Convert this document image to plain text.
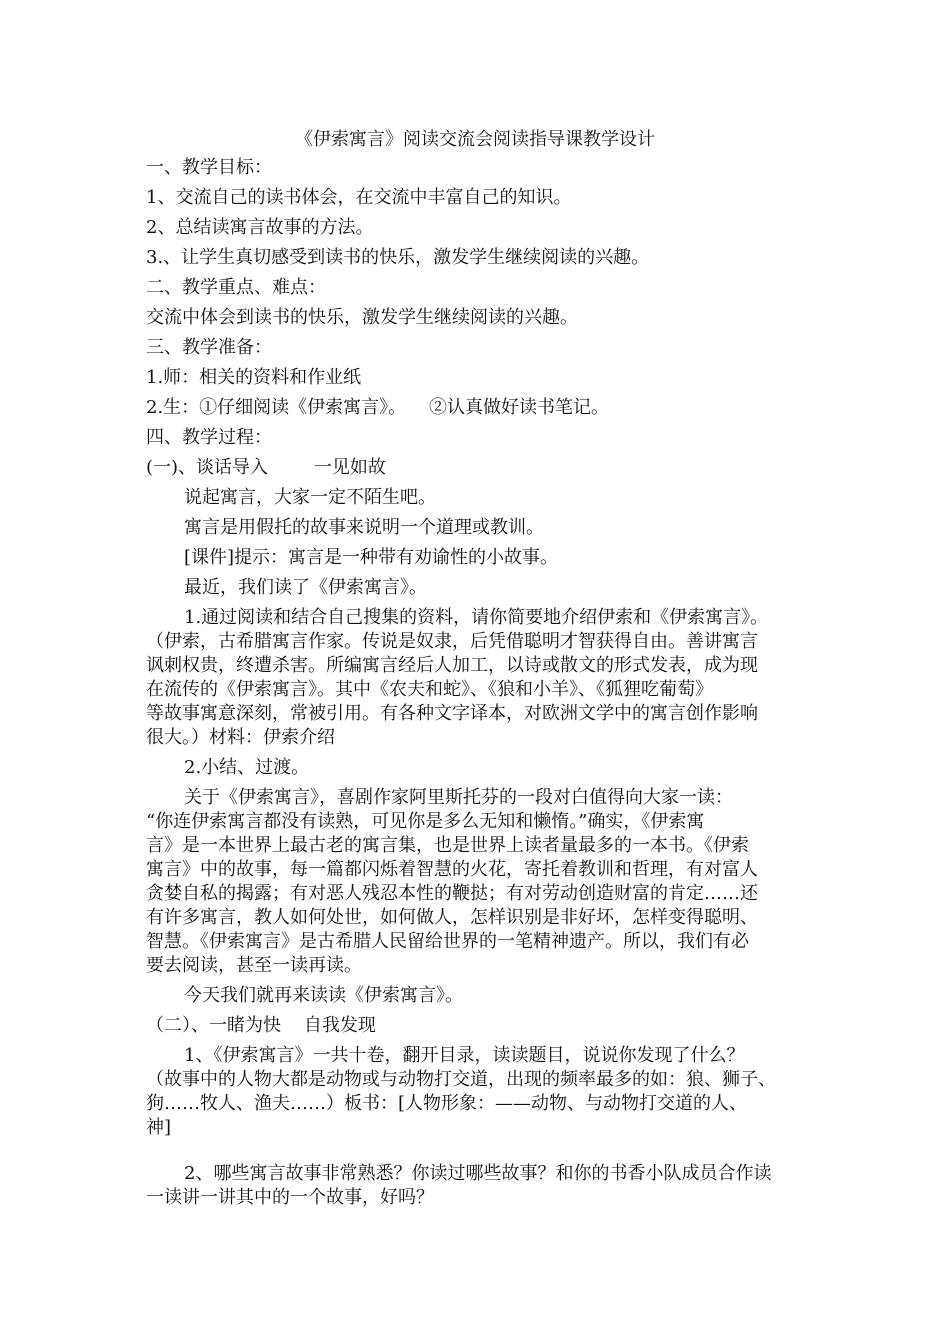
《伊索寓言》阅读交流会阅读指导课教学设计
一、教学目标：
1、交流自己的读书体会，在交流中丰富自己的知识。
2、总结读寓言故事的方法。
3.、让学生真切感受到读书的快乐，激发学生继续阅读的兴趣。
二、教学重点、难点：
交流中体会到读书的快乐，激发学生继续阅读的兴趣。
三、教学准备：
1.师：相关的资料和作业纸
2.生：①仔细阅读《伊索寓言》。    ②认真做好读书笔记。
四、教学过程：
(一)、谈话导入        一见如故
说起寓言，大家一定不陌生吧。
寓言是用假托的故事来说明一个道理或教训。
[课件]提示：寓言是一种带有劝谕性的小故事。
最近，我们读了《伊索寓言》。
1.通过阅读和结合自己搜集的资料，请你简要地介绍伊索和《伊索寓言》。
（伊索，古希腊寓言作家。传说是奴隶，后凭借聪明才智获得自由。善讲寓言
讽刺权贵，终遭杀害。所编寓言经后人加工，以诗或散文的形式发表，成为现
在流传的《伊索寓言》。其中《农夫和蛇》、《狼和小羊》、《狐狸吃葡萄》
等故事寓意深刻，常被引用。有各种文字译本，对欧洲文学中的寓言创作影响
很大。）材料：伊索介绍
2.小结、过渡。
关于《伊索寓言》，喜剧作家阿里斯托芬的一段对白值得向大家一读：
“你连伊索寓言都没有读熟，可见你是多么无知和懒惰。”确实，《伊索寓
言》是一本世界上最古老的寓言集，也是世界上读者量最多的一本书。《伊索
寓言》中的故事，每一篇都闪烁着智慧的火花，寄托着教训和哲理，有对富人
贪婪自私的揭露；有对恶人残忍本性的鞭挞；有对劳动创造财富的肯定……还
有许多寓言，教人如何处世，如何做人，怎样识别是非好坏，怎样变得聪明、
智慧。《伊索寓言》是古希腊人民留给世界的一笔精神遗产。所以，我们有必
要去阅读，甚至一读再读。
今天我们就再来读读《伊索寓言》。
（二）、一睹为快    自我发现
1、《伊索寓言》一共十卷，翻开目录，读读题目，说说你发现了什么？
（故事中的人物大都是动物或与动物打交道，出现的频率最多的如：狼、狮子、
狗……牧人、渔夫……）板书：[人物形象：——动物、与动物打交道的人、
神]
2、哪些寓言故事非常熟悉？你读过哪些故事？和你的书香小队成员合作读
一读讲一讲其中的一个故事，好吗？
